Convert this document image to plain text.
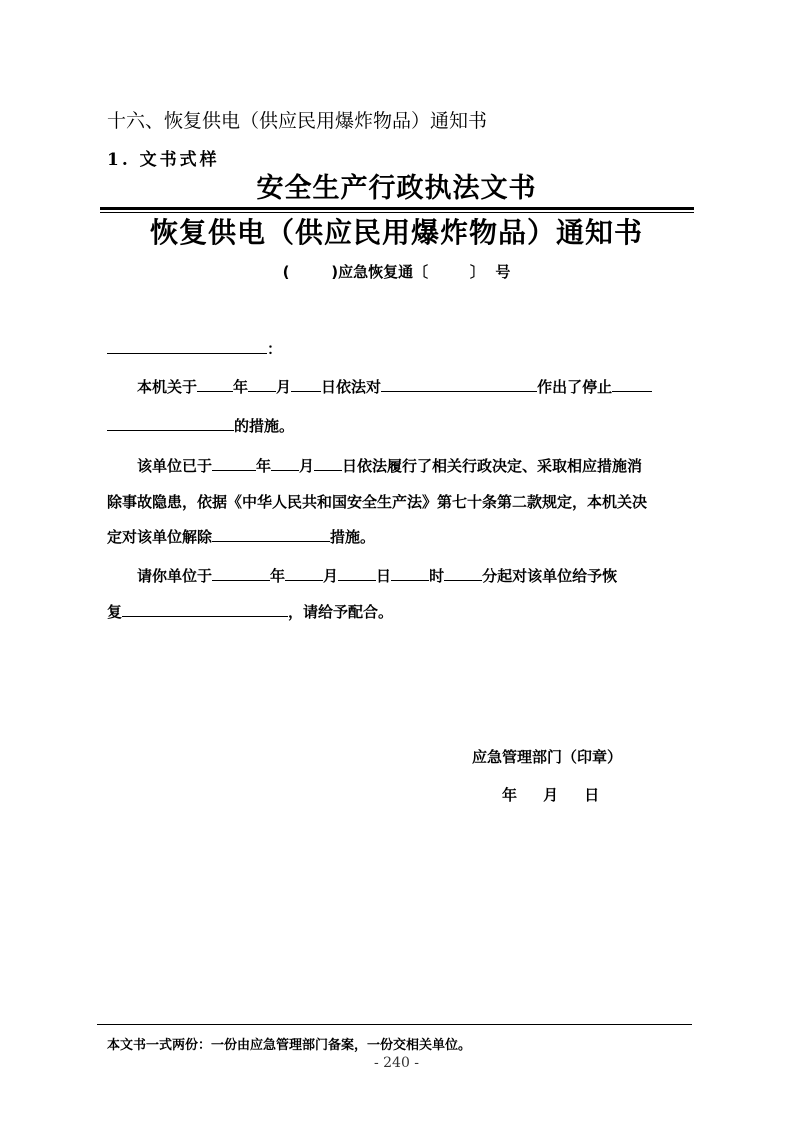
十六、恢复供电（供应民用爆炸物品）通知书
1. 文书式样
安全生产行政执法文书
恢复供电（供应民用爆炸物品）通知书
(        )应急恢复通〔        〕  号
：
本机关于 年 月 日依法对	作出了停止
的措施。
该单位已于	年 月 日依法履行了相关行政决定、采取相应措施消
除事故隐患，依据《中华人民共和国安全生产法》第七十条第二款规定，本机关决
定对该单位解除	措施。
请你单位于	年	月	日	时	分起对该单位给予恢
复	，请给予配合。
应急管理部门（印章）
年     月     日
本文书一式两份：一份由应急管理部门备案，一份交相关单位。
- 240 -
